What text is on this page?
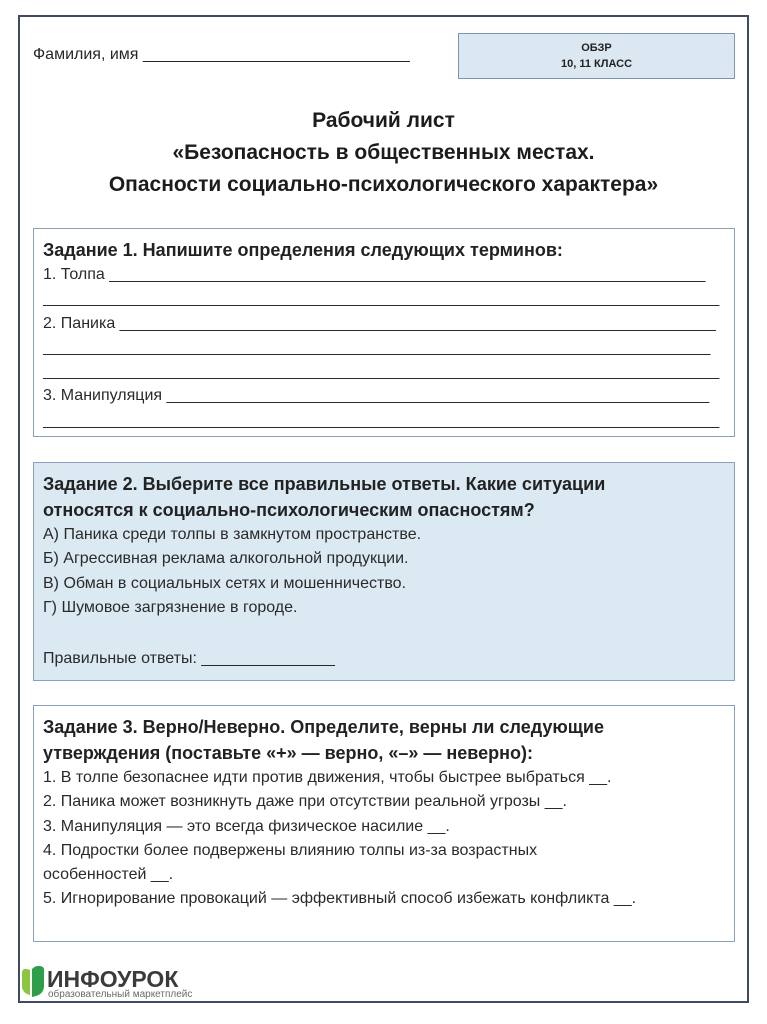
Фамилия, имя ______________________________	ОБЗР
10, 11 КЛАСС
Рабочий лист
«Безопасность в общественных местах.
Опасности социально-психологического характера»
Задание 1. Напишите определения следующих терминов:
1. Толпа ___________________________________________________________________
____________________________________________________________________________
2. Паника ___________________________________________________________________
___________________________________________________________________________
____________________________________________________________________________
3. Манипуляция _____________________________________________________________
____________________________________________________________________________
Задание 2. Выберите все правильные ответы. Какие ситуации
относятся к социально-психологическим опасностям?
А) Паника среди толпы в замкнутом пространстве.
Б) Агрессивная реклама алкогольной продукции.
В) Обман в социальных сетях и мошенничество.
Г) Шумовое загрязнение в городе.
Правильные ответы: _______________
Задание 3. Верно/Неверно. Определите, верны ли следующие
утверждения (поставьте «+» — верно, «–» — неверно):
1. В толпе безопаснее идти против движения, чтобы быстрее выбраться __.
2. Паника может возникнуть даже при отсутствии реальной угрозы __.
3. Манипуляция — это всегда физическое насилие __.
4. Подростки более подвержены влиянию толпы из-за возрастных
особенностей __.
5. Игнорирование провокаций — эффективный способ избежать конфликта __.
ИНФОУРОК
образовательный маркетплейс
